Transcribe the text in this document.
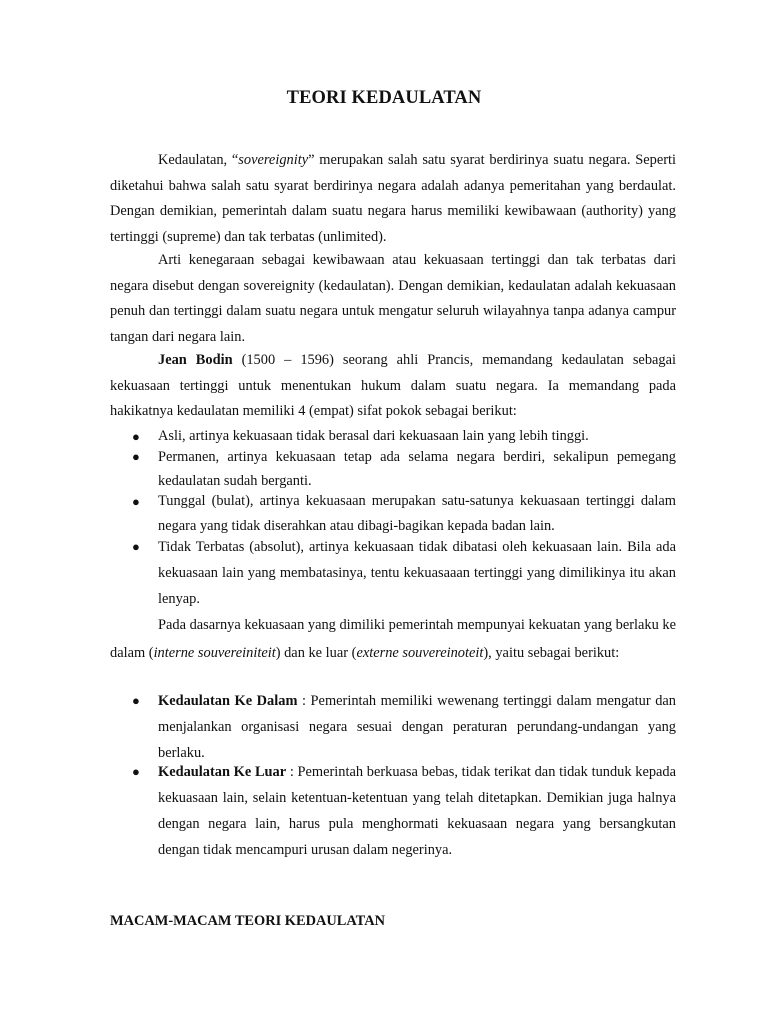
TEORI KEDAULATAN
Kedaulatan, “sovereignity” merupakan salah satu syarat berdirinya suatu negara. Seperti diketahui bahwa salah satu syarat berdirinya negara adalah adanya pemeritahan yang berdaulat. Dengan demikian, pemerintah dalam suatu negara harus memiliki kewibawaan (authority) yang tertinggi (supreme) dan tak terbatas (unlimited).
Arti kenegaraan sebagai kewibawaan atau kekuasaan tertinggi dan tak terbatas dari negara disebut dengan sovereignity (kedaulatan). Dengan demikian, kedaulatan adalah kekuasaan penuh dan tertinggi dalam suatu negara untuk mengatur seluruh wilayahnya tanpa adanya campur tangan dari negara lain.
Jean Bodin (1500 – 1596) seorang ahli Prancis, memandang kedaulatan sebagai kekuasaan tertinggi untuk menentukan hukum dalam suatu negara. Ia memandang pada hakikatnya kedaulatan memiliki 4 (empat) sifat pokok sebagai berikut:
● Asli, artinya kekuasaan tidak berasal dari kekuasaan lain yang lebih tinggi.
● Permanen, artinya kekuasaan tetap ada selama negara berdiri, sekalipun pemegang kedaulatan sudah berganti.
● Tunggal (bulat), artinya kekuasaan merupakan satu-satunya kekuasaan tertinggi dalam negara yang tidak diserahkan atau dibagi-bagikan kepada badan lain.
● Tidak Terbatas (absolut), artinya kekuasaan tidak dibatasi oleh kekuasaan lain. Bila ada kekuasaan lain yang membatasinya, tentu kekuasaaan tertinggi yang dimilikinya itu akan lenyap.
Pada dasarnya kekuasaan yang dimiliki pemerintah mempunyai kekuatan yang berlaku ke dalam (interne souvereiniteit) dan ke luar (externe souvereinoteit), yaitu sebagai berikut:
● Kedaulatan Ke Dalam : Pemerintah memiliki wewenang tertinggi dalam mengatur dan menjalankan organisasi negara sesuai dengan peraturan perundang-undangan yang berlaku.
● Kedaulatan Ke Luar : Pemerintah berkuasa bebas, tidak terikat dan tidak tunduk kepada kekuasaan lain, selain ketentuan-ketentuan yang telah ditetapkan. Demikian juga halnya dengan negara lain, harus pula menghormati kekuasaan negara yang bersangkutan dengan tidak mencampuri urusan dalam negerinya.
MACAM-MACAM TEORI KEDAULATAN
